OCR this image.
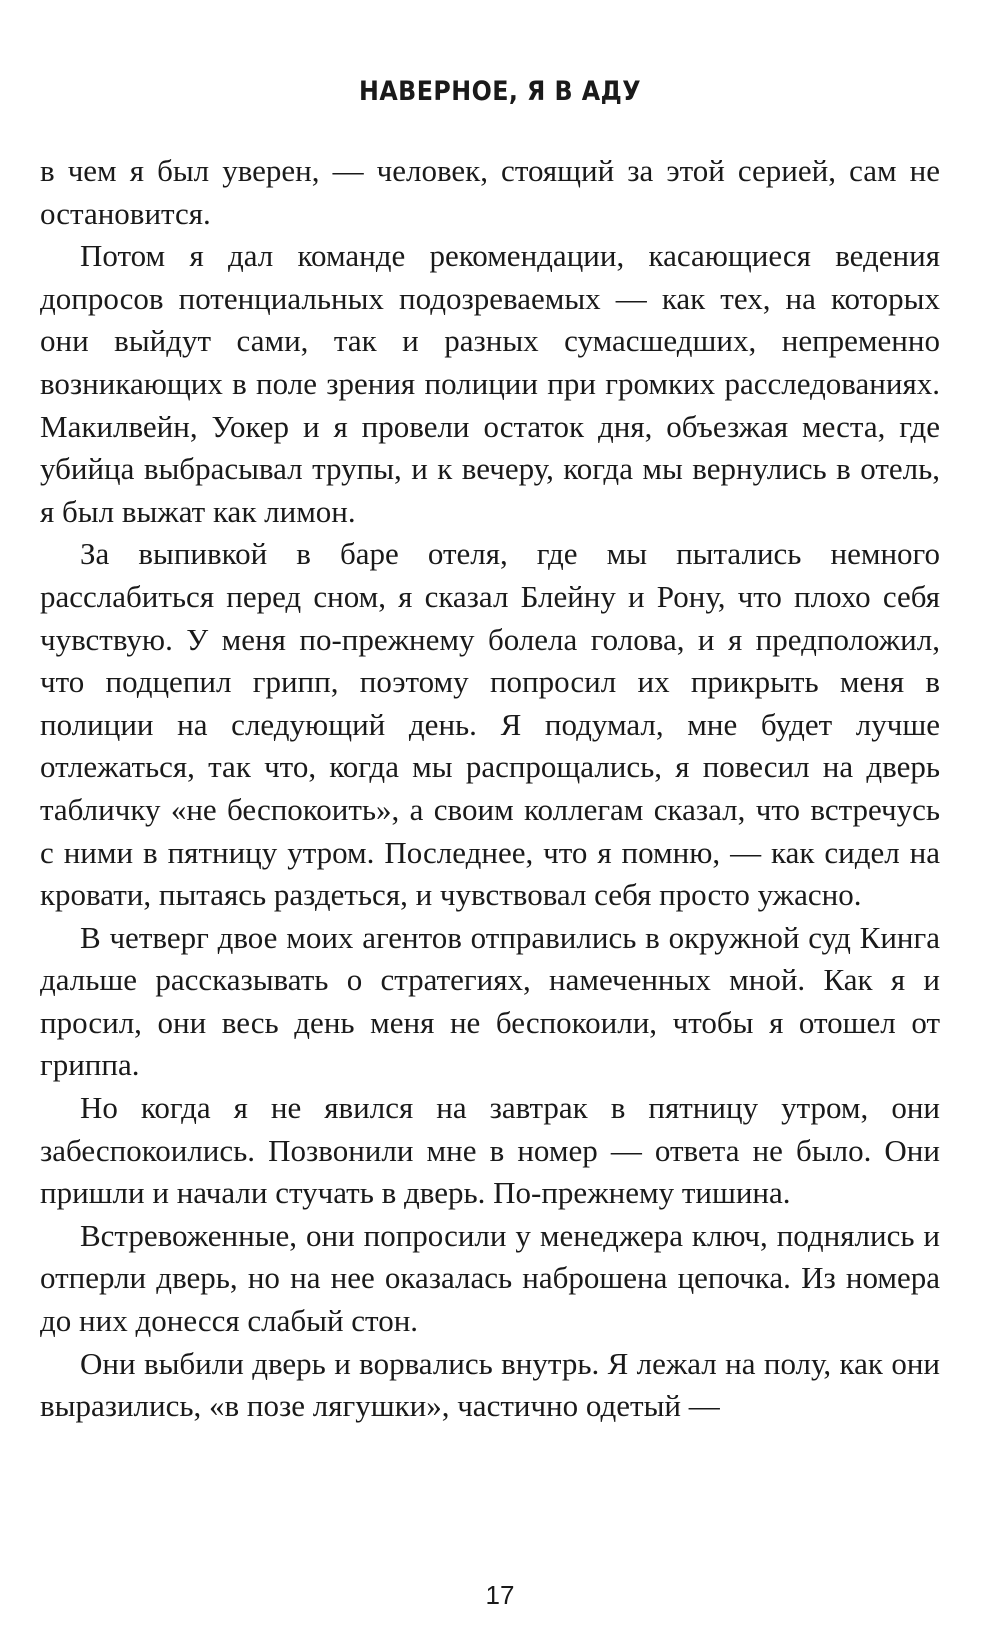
НАВЕРНОЕ, Я В АДУ

в чем я был уверен, — человек, стоящий за этой серией, сам не остановится.

Потом я дал команде рекомендации, касающиеся ведения допросов потенциальных подозреваемых — как тех, на которых они выйдут сами, так и разных сумасшедших, непременно возникающих в поле зрения полиции при громких расследованиях. Макилвейн, Уокер и я провели остаток дня, объезжая места, где убийца выбрасывал трупы, и к вечеру, когда мы вернулись в отель, я был выжат как лимон.

За выпивкой в баре отеля, где мы пытались немного расслабиться перед сном, я сказал Блейну и Рону, что плохо себя чувствую. У меня по-прежнему болела голова, и я предположил, что подцепил грипп, поэтому попросил их прикрыть меня в полиции на следующий день. Я подумал, мне будет лучше отлежаться, так что, когда мы распрощались, я повесил на дверь табличку «не беспокоить», а своим коллегам сказал, что встречусь с ними в пятницу утром. Последнее, что я помню, — как сидел на кровати, пытаясь раздеться, и чувствовал себя просто ужасно.

В четверг двое моих агентов отправились в окружной суд Кинга дальше рассказывать о стратегиях, намеченных мной. Как я и просил, они весь день меня не беспокоили, чтобы я отошел от гриппа.

Но когда я не явился на завтрак в пятницу утром, они забеспокоились. Позвонили мне в номер — ответа не было. Они пришли и начали стучать в дверь. По-прежнему тишина.

Встревоженные, они попросили у менеджера ключ, поднялись и отперли дверь, но на нее оказалась наброшена цепочка. Из номера до них донесся слабый стон.

Они выбили дверь и ворвались внутрь. Я лежал на полу, как они выразились, «в позе лягушки», частично одетый —

17
